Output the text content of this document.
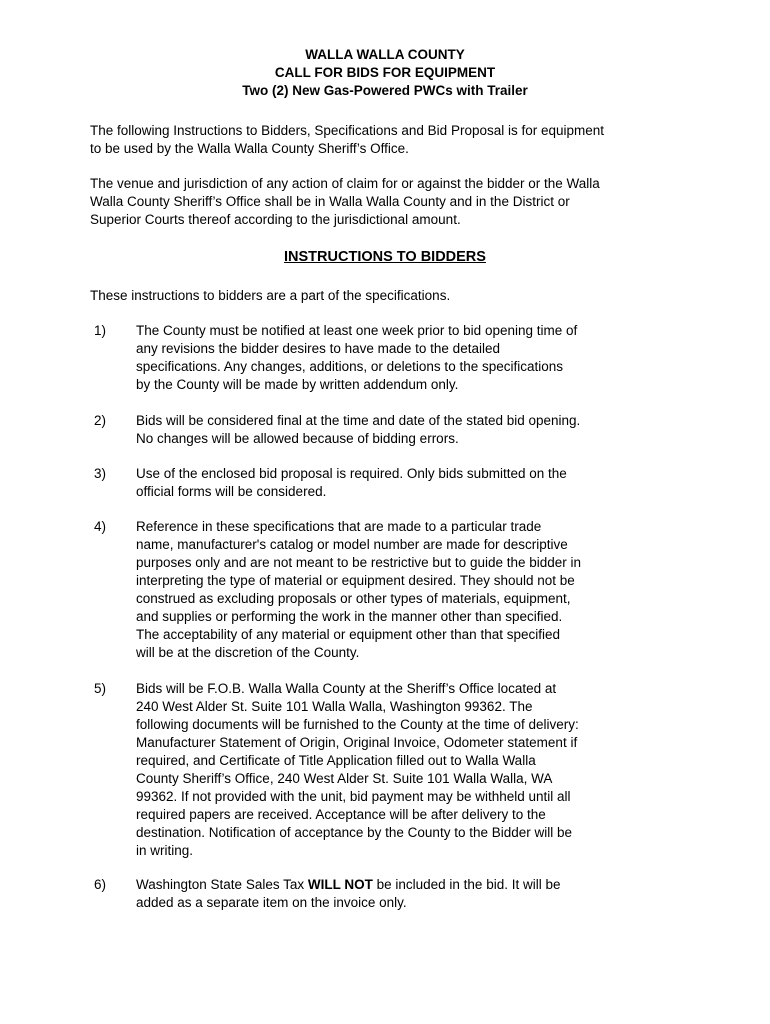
WALLA WALLA COUNTY
CALL FOR BIDS FOR EQUIPMENT
Two (2) New Gas-Powered PWCs with Trailer
The following Instructions to Bidders, Specifications and Bid Proposal is for equipment
to be used by the Walla Walla County Sheriff’s Office.
The venue and jurisdiction of any action of claim for or against the bidder or the Walla
Walla County Sheriff’s Office shall be in Walla Walla County and in the District or
Superior Courts thereof according to the jurisdictional amount.
INSTRUCTIONS TO BIDDERS
These instructions to bidders are a part of the specifications.
1) The County must be notified at least one week prior to bid opening time of
any revisions the bidder desires to have made to the detailed
specifications. Any changes, additions, or deletions to the specifications
by the County will be made by written addendum only.
2) Bids will be considered final at the time and date of the stated bid opening.
No changes will be allowed because of bidding errors.
3) Use of the enclosed bid proposal is required. Only bids submitted on the
official forms will be considered.
4) Reference in these specifications that are made to a particular trade
name, manufacturer's catalog or model number are made for descriptive
purposes only and are not meant to be restrictive but to guide the bidder in
interpreting the type of material or equipment desired. They should not be
construed as excluding proposals or other types of materials, equipment,
and supplies or performing the work in the manner other than specified.
The acceptability of any material or equipment other than that specified
will be at the discretion of the County.
5) Bids will be F.O.B. Walla Walla County at the Sheriff’s Office located at
240 West Alder St. Suite 101 Walla Walla, Washington 99362. The
following documents will be furnished to the County at the time of delivery:
Manufacturer Statement of Origin, Original Invoice, Odometer statement if
required, and Certificate of Title Application filled out to Walla Walla
County Sheriff’s Office, 240 West Alder St. Suite 101 Walla Walla, WA
99362. If not provided with the unit, bid payment may be withheld until all
required papers are received. Acceptance will be after delivery to the
destination. Notification of acceptance by the County to the Bidder will be
in writing.
6) Washington State Sales Tax WILL NOT be included in the bid. It will be
added as a separate item on the invoice only.
